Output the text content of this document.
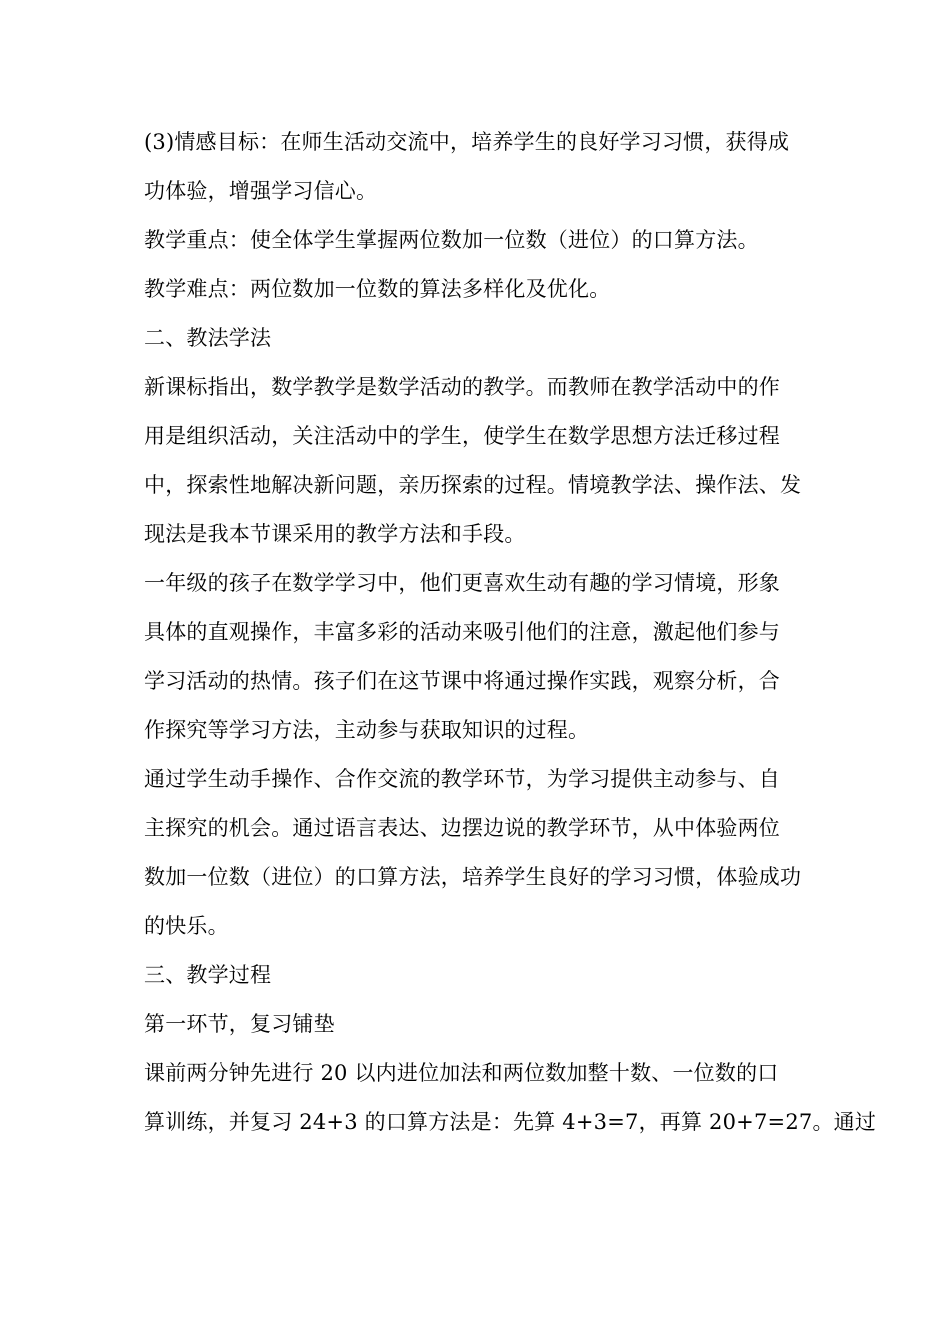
(3)情感目标：在师生活动交流中，培养学生的良好学习习惯，获得成
功体验，增强学习信心。
教学重点：使全体学生掌握两位数加一位数（进位）的口算方法。
教学难点：两位数加一位数的算法多样化及优化。
二、教法学法
新课标指出，数学教学是数学活动的教学。而教师在教学活动中的作
用是组织活动，关注活动中的学生，使学生在数学思想方法迁移过程
中，探索性地解决新问题，亲历探索的过程。情境教学法、操作法、发
现法是我本节课采用的教学方法和手段。
一年级的孩子在数学学习中，他们更喜欢生动有趣的学习情境，形象
具体的直观操作，丰富多彩的活动来吸引他们的注意，激起他们参与
学习活动的热情。孩子们在这节课中将通过操作实践，观察分析，合
作探究等学习方法，主动参与获取知识的过程。
通过学生动手操作、合作交流的教学环节，为学习提供主动参与、自
主探究的机会。通过语言表达、边摆边说的教学环节，从中体验两位
数加一位数（进位）的口算方法，培养学生良好的学习习惯，体验成功
的快乐。
三、教学过程
第一环节，复习铺垫
课前两分钟先进行 20 以内进位加法和两位数加整十数、一位数的口
算训练，并复习 24+3 的口算方法是：先算 4+3=7，再算 20+7=27。通过
